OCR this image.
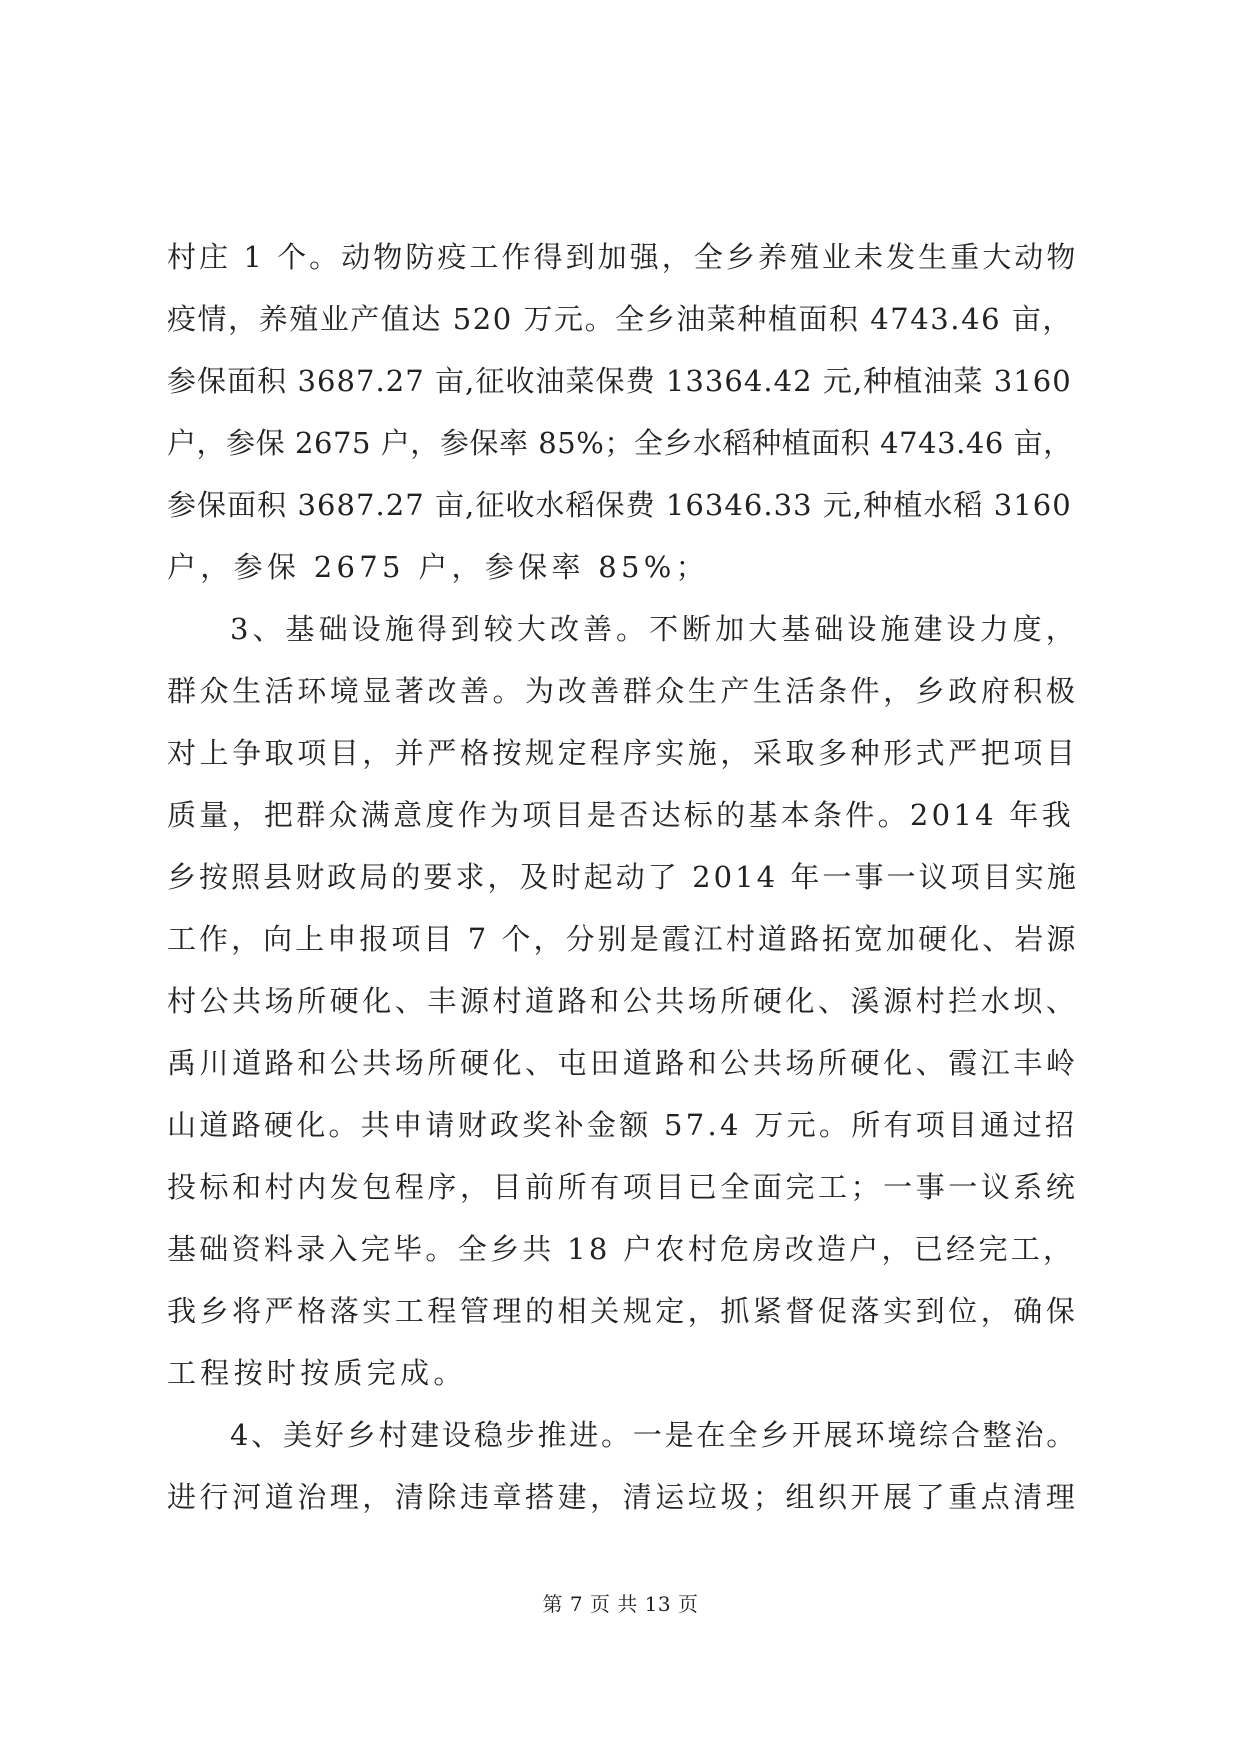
村庄 1 个。动物防疫工作得到加强，全乡养殖业未发生重大动物
疫情，养殖业产值达 520 万元。全乡油菜种植面积 4743.46 亩，
参保面积 3687.27 亩,征收油菜保费 13364.42 元,种植油菜 3160
户，参保 2675 户，参保率 85%；全乡水稻种植面积 4743.46 亩，
参保面积 3687.27 亩,征收水稻保费 16346.33 元,种植水稻 3160
户，参保 2675 户，参保率 85%；
3、基础设施得到较大改善。不断加大基础设施建设力度，
群众生活环境显著改善。为改善群众生产生活条件，乡政府积极
对上争取项目，并严格按规定程序实施，采取多种形式严把项目
质量，把群众满意度作为项目是否达标的基本条件。2014 年我
乡按照县财政局的要求，及时起动了 2014 年一事一议项目实施
工作，向上申报项目 7 个，分别是霞江村道路拓宽加硬化、岩源
村公共场所硬化、丰源村道路和公共场所硬化、溪源村拦水坝、
禹川道路和公共场所硬化、屯田道路和公共场所硬化、霞江丰岭
山道路硬化。共申请财政奖补金额 57.4 万元。所有项目通过招
投标和村内发包程序，目前所有项目已全面完工；一事一议系统
基础资料录入完毕。全乡共 18 户农村危房改造户，已经完工，
我乡将严格落实工程管理的相关规定，抓紧督促落实到位，确保
工程按时按质完成。
4、美好乡村建设稳步推进。一是在全乡开展环境综合整治。
进行河道治理，清除违章搭建，清运垃圾；组织开展了重点清理
第 7 页 共 13 页
